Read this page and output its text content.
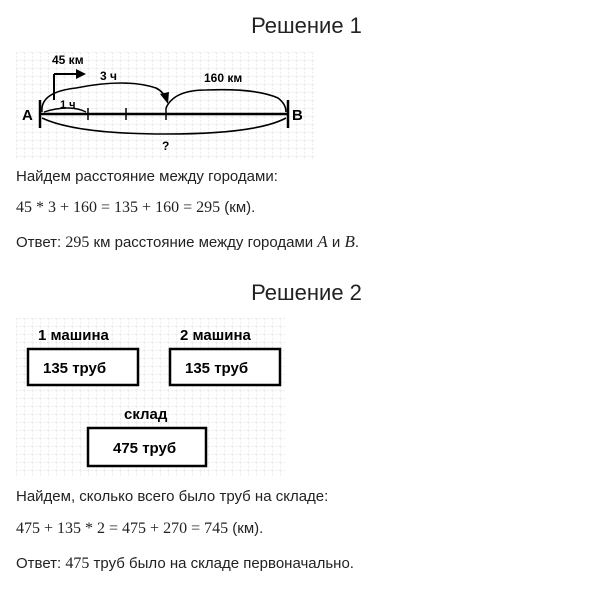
Решение 1
45 км
3 ч	160 км
1 ч
?
A	B
Найдем расстояние между городами:
45 * 3 + 160 = 135 + 160 = 295 (км).
Ответ: 295 км расстояние между городами A и B.
Решение 2
1 машина
135 труб
2 машина
135 труб
склад
475 труб
Найдем, сколько всего было труб на складе:
475 + 135 * 2 = 475 + 270 = 745 (км).
Ответ: 475 труб было на складе первоначально.
